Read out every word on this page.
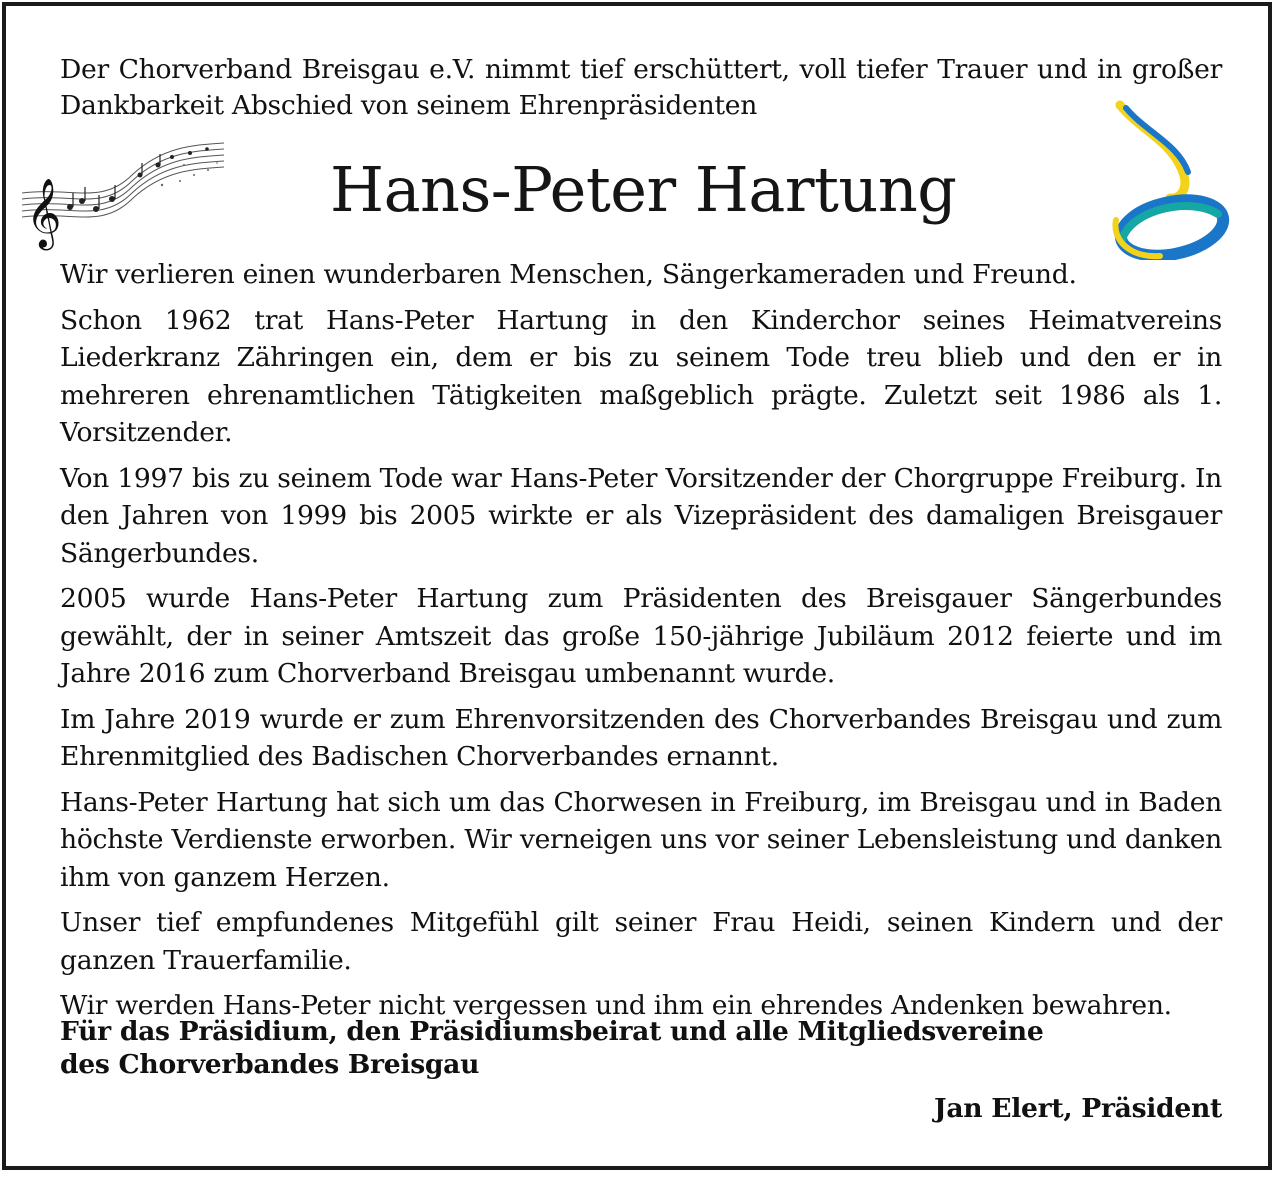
Der Chorverband Breisgau e.V. nimmt tief erschüttert, voll tiefer Trauer und in großer Dankbarkeit Abschied von seinem Ehrenpräsidenten
𝄞	Hans-Peter Hartung

Wir verlieren einen wunderbaren Menschen, Sängerkameraden und Freund.

Schon 1962 trat Hans-Peter Hartung in den Kinderchor seines Heimatvereins Liederkranz Zähringen ein, dem er bis zu seinem Tode treu blieb und den er in mehreren ehrenamtlichen Tätigkeiten maßgeblich prägte. Zuletzt seit 1986 als 1. Vorsitzender.

Von 1997 bis zu seinem Tode war Hans-Peter Vorsitzender der Chorgruppe Freiburg. In den Jahren von 1999 bis 2005 wirkte er als Vizepräsident des damaligen Breisgauer Sängerbundes.

2005 wurde Hans-Peter Hartung zum Präsidenten des Breisgauer Sängerbundes gewählt, der in seiner Amtszeit das große 150-jährige Jubiläum 2012 feierte und im Jahre 2016 zum Chorverband Breisgau umbenannt wurde.

Im Jahre 2019 wurde er zum Ehrenvorsitzenden des Chorverbandes Breisgau und zum Ehrenmitglied des Badischen Chorverbandes ernannt.

Hans-Peter Hartung hat sich um das Chorwesen in Freiburg, im Breisgau und in Baden höchste Verdienste erworben. Wir verneigen uns vor seiner Lebensleistung und danken ihm von ganzem Herzen.

Unser tief empfundenes Mitgefühl gilt seiner Frau Heidi, seinen Kindern und der ganzen Trauerfamilie.

Wir werden Hans-Peter nicht vergessen und ihm ein ehrendes Andenken bewahren.

Für das Präsidium, den Präsidiumsbeirat und alle Mitgliedsvereine
des Chorverbandes Breisgau
Jan Elert, Präsident
